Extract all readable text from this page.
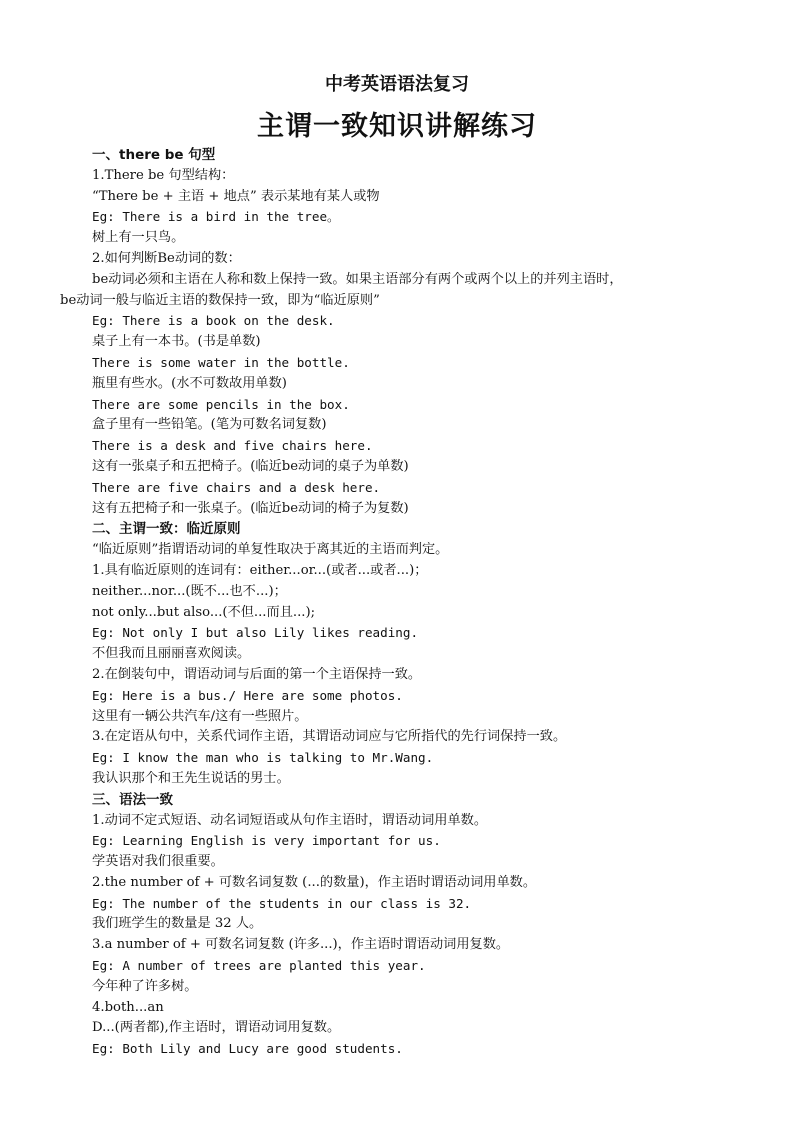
中考英语语法复习
主谓一致知识讲解练习
一、there be 句型
1.There be 句型结构：
“There be + 主语 + 地点” 表示某地有某人或物
Eg: There is a bird in the tree。
树上有一只鸟。
2.如何判断Be动词的数：
be动词必须和主语在人称和数上保持一致。如果主语部分有两个或两个以上的并列主语时，
be动词一般与临近主语的数保持一致，即为“临近原则”
Eg: There is a book on the desk.
桌子上有一本书。(书是单数)
There is some water in the bottle.
瓶里有些水。(水不可数故用单数)
There are some pencils in the box.
盒子里有一些铅笔。(笔为可数名词复数)
There is a desk and five chairs here.
这有一张桌子和五把椅子。(临近be动词的桌子为单数)
There are five chairs and a desk here.
这有五把椅子和一张桌子。(临近be动词的椅子为复数)
二、主谓一致：临近原则
“临近原则”指谓语动词的单复性取决于离其近的主语而判定。
1.具有临近原则的连词有：either...or...(或者...或者...)；
neither...nor...(既不...也不...)；
not only...but also...(不但...而且...);
Eg: Not only I but also Lily likes reading.
不但我而且丽丽喜欢阅读。
2.在倒装句中，谓语动词与后面的第一个主语保持一致。
Eg: Here is a bus./ Here are some photos.
这里有一辆公共汽车/这有一些照片。
3.在定语从句中，关系代词作主语，其谓语动词应与它所指代的先行词保持一致。
Eg: I know the man who is talking to Mr.Wang.
我认识那个和王先生说话的男士。
三、语法一致
1.动词不定式短语、动名词短语或从句作主语时，谓语动词用单数。
Eg: Learning English is very important for us.
学英语对我们很重要。
2.the number of + 可数名词复数 (...的数量)，作主语时谓语动词用单数。
Eg: The number of the students in our class is 32.
我们班学生的数量是 32 人。
3.a number of + 可数名词复数 (许多...)，作主语时谓语动词用复数。
Eg: A number of trees are planted this year.
今年种了许多树。
4.both...an
D...(两者都),作主语时，谓语动词用复数。
Eg: Both Lily and Lucy are good students.
